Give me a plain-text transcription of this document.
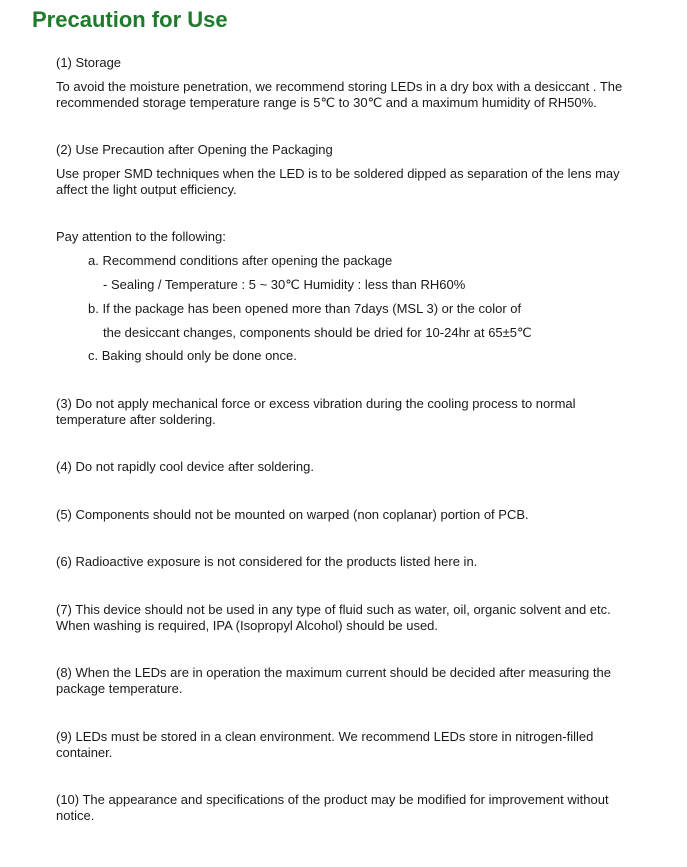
Precaution for Use

(1) Storage

To avoid the moisture penetration, we recommend storing LEDs in a dry box with a desiccant . The

recommended storage temperature range is 5℃ to 30℃ and a maximum humidity of RH50%.

(2) Use Precaution after Opening the Packaging

Use proper SMD techniques when the LED is to be soldered dipped as separation of the lens may

affect the light output efficiency.

Pay attention to the following:

a. Recommend conditions after opening the package

- Sealing / Temperature : 5 ~ 30℃ Humidity : less than RH60%

b. If the package has been opened more than 7days (MSL 3) or the color of

the desiccant changes, components should be dried for 10-24hr at 65±5℃

c. Baking should only be done once.

(3) Do not apply mechanical force or excess vibration during the cooling process to normal

temperature after soldering.

(4) Do not rapidly cool device after soldering.

(5) Components should not be mounted on warped (non coplanar) portion of PCB.

(6) Radioactive exposure is not considered for the products listed here in.

(7) This device should not be used in any type of fluid such as water, oil, organic solvent and etc.

When washing is required, IPA (Isopropyl Alcohol) should be used.

(8) When the LEDs are in operation the maximum current should be decided after measuring the

package temperature.

(9) LEDs must be stored in a clean environment. We recommend LEDs store in nitrogen-filled

container.

(10) The appearance and specifications of the product may be modified for improvement without

notice.
